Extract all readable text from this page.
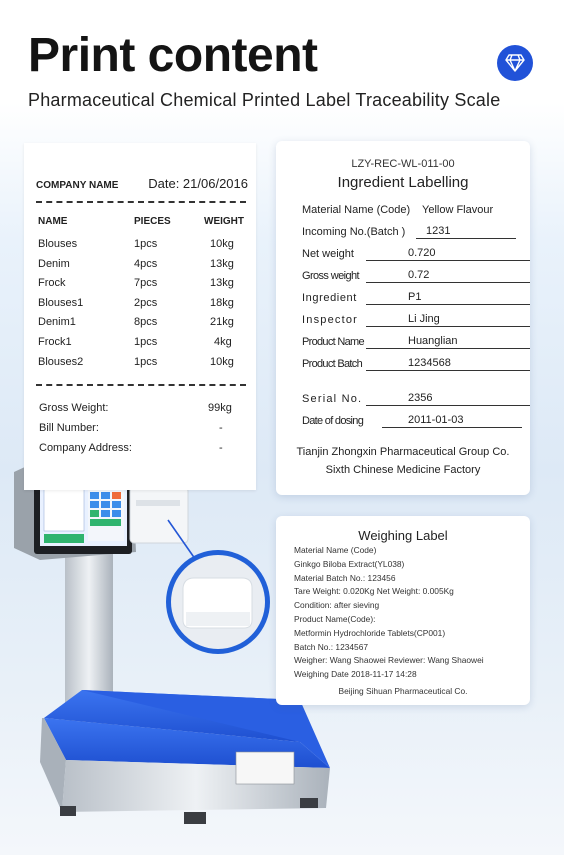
Print content
Pharmaceutical Chemical Printed Label Traceability Scale
COMPANY NAME Date: 21/06/2016
NAME	PIECES	WEIGHT
Blouses	1pcs	10kg
Denim	4pcs	13kg
Frock	7pcs	13kg
Blouses1	2pcs	18kg
Denim1	8pcs	21kg
Frock1	1pcs	4kg
Blouses2	1pcs	10kg
Gross Weight:	99kg
Bill Number:	-
Company Address:	-
LZY-REC-WL-011-00
Ingredient Labelling
Material Name (Code)	Yellow Flavour
Incoming No.(Batch )	1231
Net weight	0.720
Gross weight	0.72
Ingredient	P1
Inspector	Li Jing
Product Name	Huanglian
Product Batch	1234568
Serial No.	2356
Date of dosing	2011-01-03
Tianjin Zhongxin Pharmaceutical Group Co.
Sixth Chinese Medicine Factory
Weighing Label
Material Name (Code)
Ginkgo Biloba Extract(YL038)
Material Batch No.: 123456
Tare Weight: 0.020Kg Net Weight: 0.005Kg
Condition: after sieving
Product Name(Code):
Metformin Hydrochloride Tablets(CP001)
Batch No.: 1234567
Weigher: Wang Shaowei Reviewer: Wang Shaowei
Weighing Date 2018-11-17 14:28
Beijing Sihuan Pharmaceutical Co.
